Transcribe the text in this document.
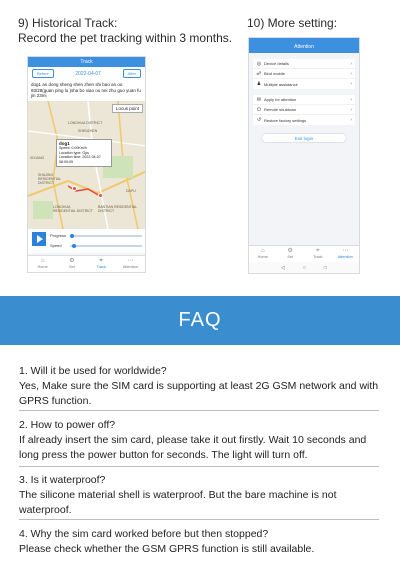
9) Historical Track:
Record the pet tracking within 3 months.
10) More setting:
Track
Before	2022-04-07	After
dog1 an dong sheng shen zhen shi bao an ou 93/28(guan ping lu )sha bo xiao ou nei zhu guo yuan fu jin 23mi
Locus point
dog1
Speed: 0.00Km/h
Location type: Gps
Location time: 2022-04-07 08:09:05
LONGHUA DISTRICT
SHENZHEN
XIXIANG
SHAJING RESIDENTIAL DISTRICT
LONGHUA RESIDENTIAL DISTRICT
BANTIAN RESIDENTIAL DISTRICT
DAPU
Progress
Speed
⌂
Home
⚙
Set
⌖
Track
⋯
Attention
Attention
◎ Device details	›
☍ Bind mobile	›
♟ Multiple assistance	›
✉ Apply for attention	›
⏻ Remote shutdown	›
↺ Restore factory settings	›
Exit login
⌂
Home
⚙
Set
⌖
Track
⋯
Attention
◁	○	□
FAQ
1. Will it be used for worldwide?
Yes, Make sure the SIM card is supporting at least 2G GSM network and with GPRS function.
2. How to power off?
If already insert the sim card, please take it out firstly. Wait 10 seconds and long press the power button for seconds. The light will turn off.
3. Is it waterproof?
The silicone material shell is waterproof. But the bare machine is not waterproof.
4. Why the sim card worked before but then stopped?
Please check whether the GSM GPRS function is still available.
